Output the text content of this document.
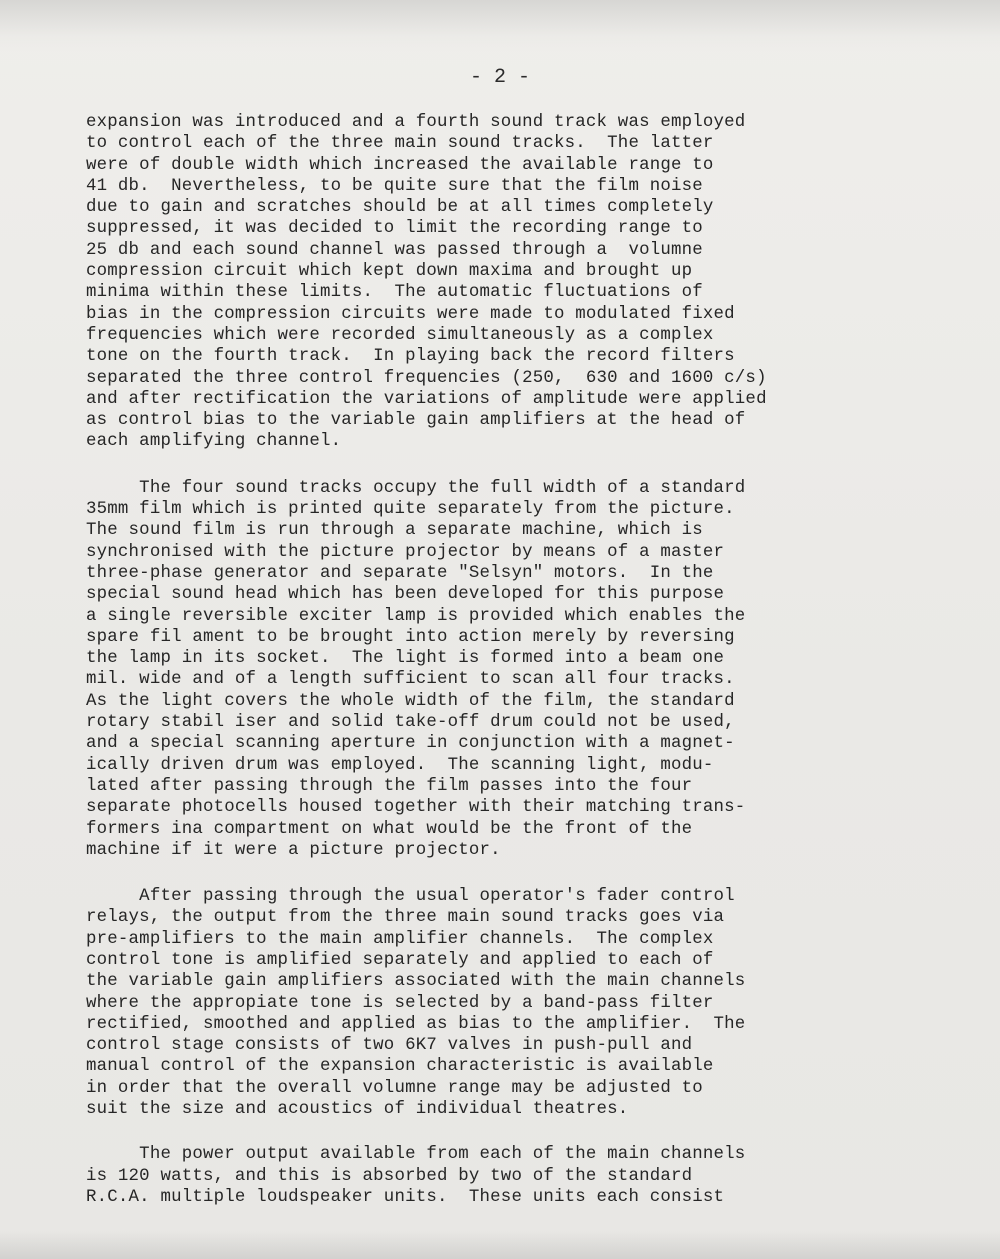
- 2 -
expansion was introduced and a fourth sound track was employed
to control each of the three main sound tracks.  The latter
were of double width which increased the available range to
41 db.  Nevertheless, to be quite sure that the film noise
due to gain and scratches should be at all times completely
suppressed, it was decided to limit the recording range to
25 db and each sound channel was passed through a  volumne
compression circuit which kept down maxima and brought up
minima within these limits.  The automatic fluctuations of
bias in the compression circuits were made to modulated fixed
frequencies which were recorded simultaneously as a complex
tone on the fourth track.  In playing back the record filters
separated the three control frequencies (250,  630 and 1600 c/s)
and after rectification the variations of amplitude were applied
as control bias to the variable gain amplifiers at the head of
each amplifying channel.
The four sound tracks occupy the full width of a standard
35mm film which is printed quite separately from the picture.
The sound film is run through a separate machine, which is
synchronised with the picture projector by means of a master
three-phase generator and separate "Selsyn" motors.  In the
special sound head which has been developed for this purpose
a single reversible exciter lamp is provided which enables the
spare fil ament to be brought into action merely by reversing
the lamp in its socket.  The light is formed into a beam one
mil. wide and of a length sufficient to scan all four tracks.
As the light covers the whole width of the film, the standard
rotary stabil iser and solid take-off drum could not be used,
and a special scanning aperture in conjunction with a magnet-
ically driven drum was employed.  The scanning light, modu-
lated after passing through the film passes into the four
separate photocells housed together with their matching trans-
formers ina compartment on what would be the front of the
machine if it were a picture projector.
After passing through the usual operator's fader control
relays, the output from the three main sound tracks goes via
pre-amplifiers to the main amplifier channels.  The complex
control tone is amplified separately and applied to each of
the variable gain amplifiers associated with the main channels
where the appropiate tone is selected by a band-pass filter
rectified, smoothed and applied as bias to the amplifier.  The
control stage consists of two 6K7 valves in push-pull and
manual control of the expansion characteristic is available
in order that the overall volumne range may be adjusted to
suit the size and acoustics of individual theatres.
The power output available from each of the main channels
is 120 watts, and this is absorbed by two of the standard
R.C.A. multiple loudspeaker units.  These units each consist
